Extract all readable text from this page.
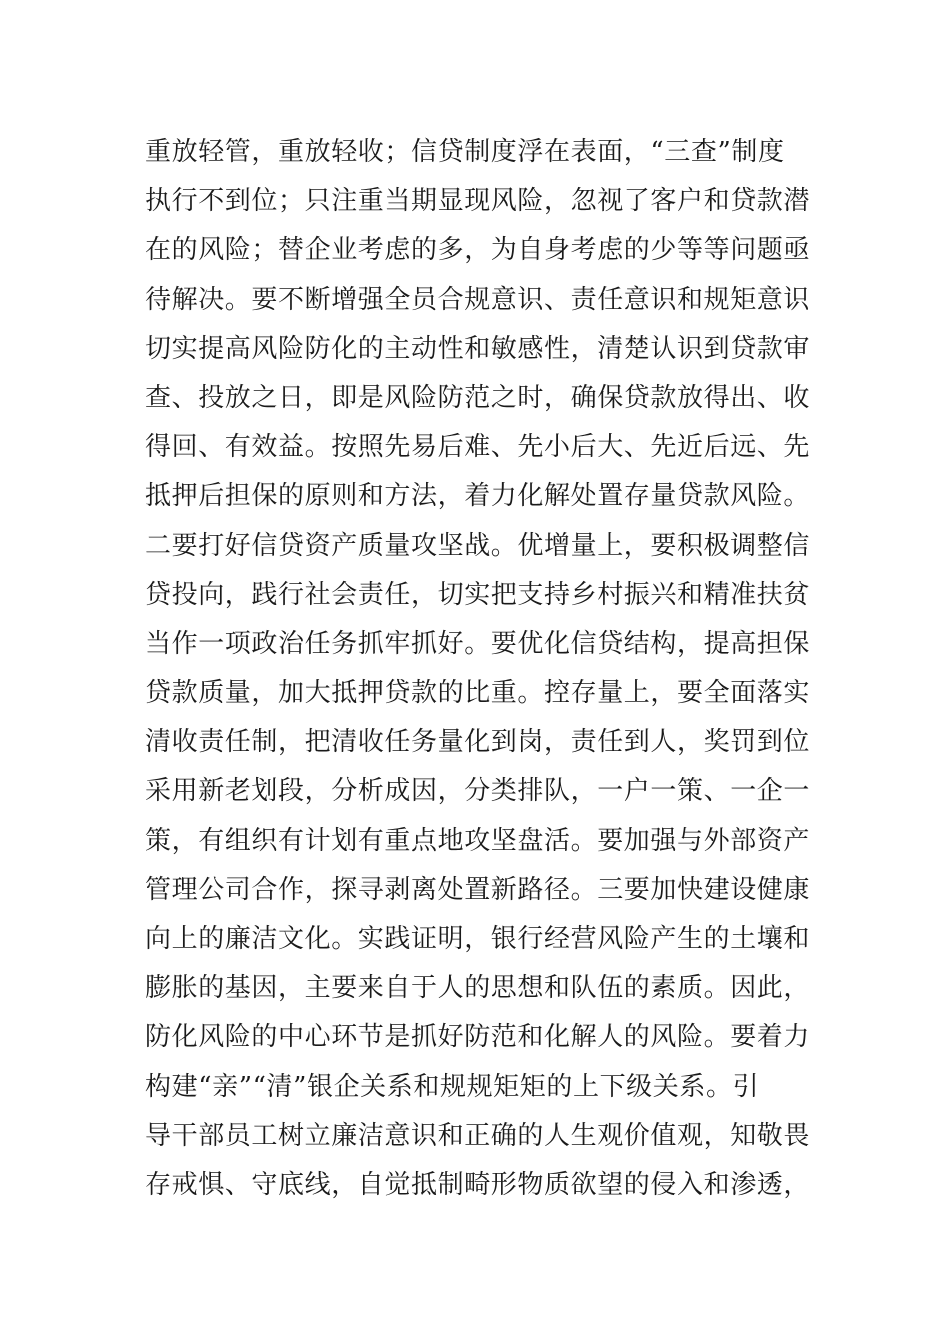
重放轻管，重放轻收；信贷制度浮在表面，“三查”制度
执行不到位；只注重当期显现风险，忽视了客户和贷款潜
在的风险；替企业考虑的多，为自身考虑的少等等问题亟
待解决。要不断增强全员合规意识、责任意识和规矩意识
切实提高风险防化的主动性和敏感性，清楚认识到贷款审
查、投放之日，即是风险防范之时，确保贷款放得出、收
得回、有效益。按照先易后难、先小后大、先近后远、先
抵押后担保的原则和方法，着力化解处置存量贷款风险。
二要打好信贷资产质量攻坚战。优增量上，要积极调整信
贷投向，践行社会责任，切实把支持乡村振兴和精准扶贫
当作一项政治任务抓牢抓好。要优化信贷结构，提高担保
贷款质量，加大抵押贷款的比重。控存量上，要全面落实
清收责任制，把清收任务量化到岗，责任到人，奖罚到位
采用新老划段，分析成因，分类排队，一户一策、一企一
策，有组织有计划有重点地攻坚盘活。要加强与外部资产
管理公司合作，探寻剥离处置新路径。三要加快建设健康
向上的廉洁文化。实践证明，银行经营风险产生的土壤和
膨胀的基因，主要来自于人的思想和队伍的素质。因此，
防化风险的中心环节是抓好防范和化解人的风险。要着力
构建“亲”“清”银企关系和规规矩矩的上下级关系。引
导干部员工树立廉洁意识和正确的人生观价值观，知敬畏
存戒惧、守底线，自觉抵制畸形物质欲望的侵入和渗透，
